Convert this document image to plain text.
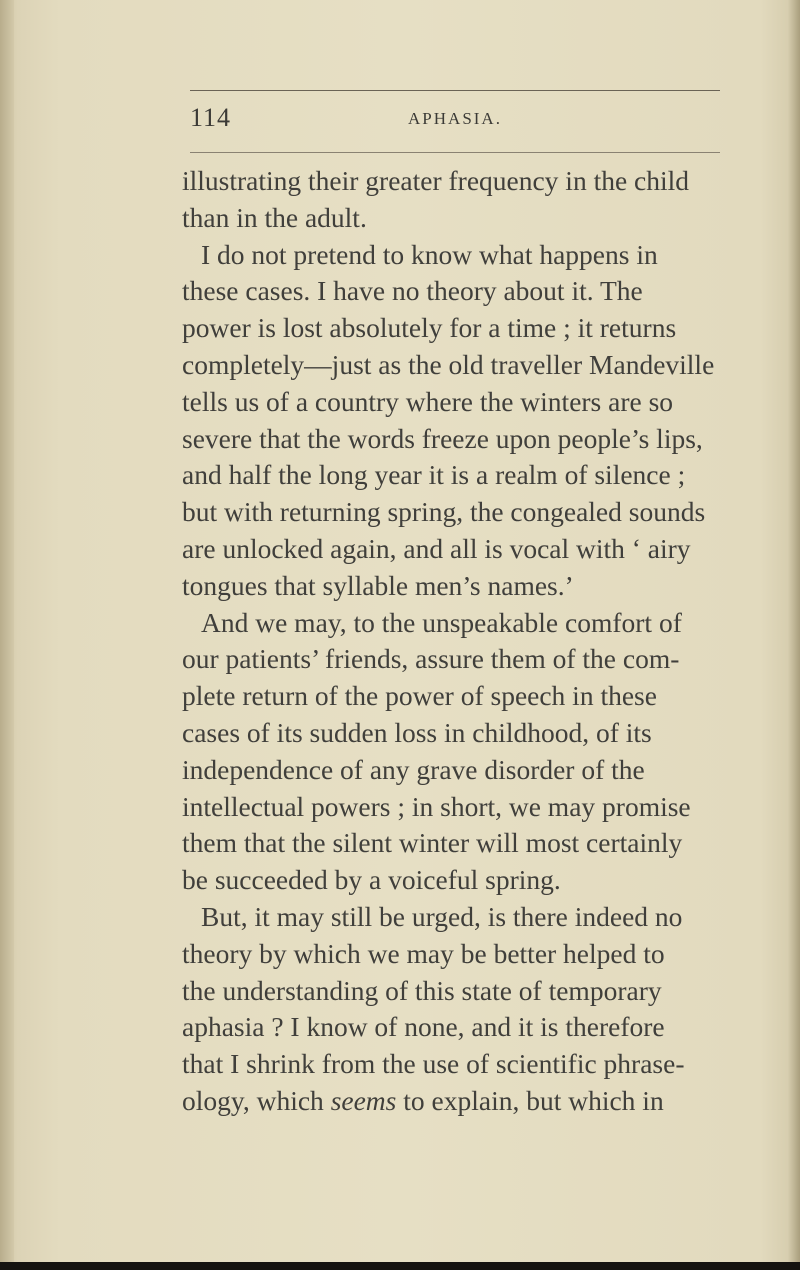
114	APHASIA.
illustrating their greater frequency in the child
than in the adult.
I do not pretend to know what happens in
these cases. I have no theory about it. The
power is lost absolutely for a time ; it returns
completely—just as the old traveller Mandeville
tells us of a country where the winters are so
severe that the words freeze upon people’s lips,
and half the long year it is a realm of silence ;
but with returning spring, the congealed sounds
are unlocked again, and all is vocal with ‘ airy
tongues that syllable men’s names.’
And we may, to the unspeakable comfort of
our patients’ friends, assure them of the com-
plete return of the power of speech in these
cases of its sudden loss in childhood, of its
independence of any grave disorder of the
intellectual powers ; in short, we may promise
them that the silent winter will most certainly
be succeeded by a voiceful spring.
But, it may still be urged, is there indeed no
theory by which we may be better helped to
the understanding of this state of temporary
aphasia ? I know of none, and it is therefore
that I shrink from the use of scientific phrase-
ology, which seems to explain, but which in
